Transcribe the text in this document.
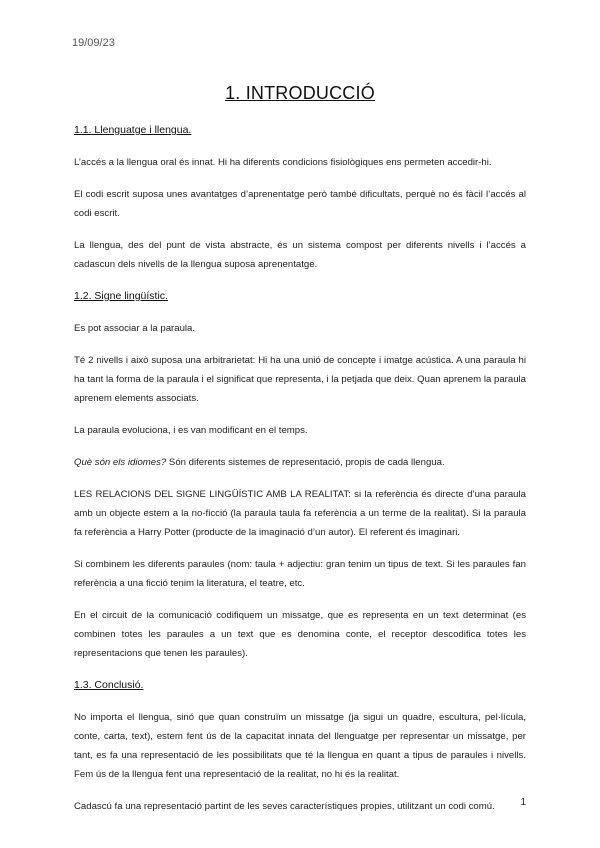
19/09/23
1. INTRODUCCIÓ
1.1. Llenguatge i llengua.

L’accés a la llengua oral és innat. Hi ha diferents condicions fisiològiques ens permeten accedir-hi.

El codi escrit suposa unes avantatges d’aprenentatge però també dificultats, perquè no és fàcil l’accés al codi escrit.

La llengua, des del punt de vista abstracte, és un sistema compost per diferents nivells i l’accés a cadascun dels nivells de la llengua suposa aprenentatge.

1.2. Signe lingüístic.

Es pot associar a la paraula.

Té 2 nivells i això suposa una arbitrarietat: Hi ha una unió de concepte i imatge acústica. A una paraula hi ha tant la forma de la paraula i el significat que representa, i la petjada que deix. Quan aprenem la paraula aprenem elements associats.

La paraula evoluciona, i es van modificant en el temps.

Què són els idiomes? Són diferents sistemes de representació, propis de cada llengua.

LES RELACIONS DEL SIGNE LINGÜÍSTIC AMB LA REALITAT: si la referència és directe d’una paraula amb un objecte estem a la no-ficció (la paraula taula fa referència a un terme de la realitat). Si la paraula fa referència a Harry Potter (producte de la imaginació d’un autor). El referent és imaginari.

Si combinem les diferents paraules (nom: taula + adjectiu: gran tenim un tipus de text. Si les paraules fan referència a una ficció tenim la literatura, el teatre, etc.

En el circuit de la comunicació codifiquem un missatge, que es representa en un text determinat (es combinen totes les paraules a un text que es denomina conte, el receptor descodifica totes les representacions que tenen les paraules).

1.3. Conclusió.

No importa el llengua, sinó que quan construïm un missatge (ja sigui un quadre, escultura, pel·lícula, conte, carta, text), estem fent ús de la capacitat innata del llenguatge per representar un missatge, per tant, es fa una representació de les possibilitats que té la llengua en quant a tipus de paraules i nivells. Fem ús de la llengua fent una representació de la realitat, no hi és la realitat.

Cadascú fa una representació partint de les seves característiques propies, utilitzant un codi comú.	1
